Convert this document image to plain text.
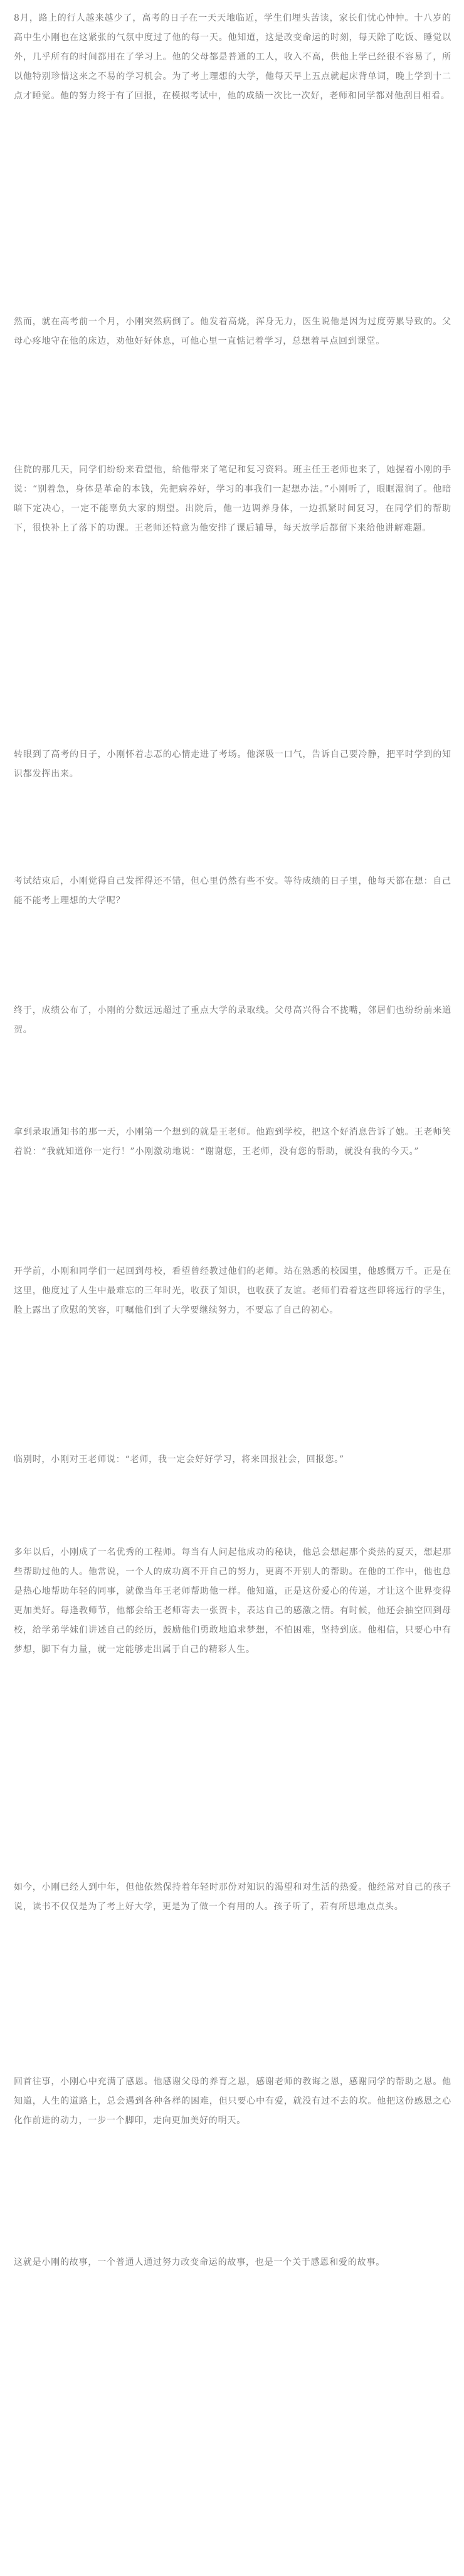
8月，路上的行人越来越少了，高考的日子在一天天地临近，学生们埋头苦读，家长们忧心忡忡。十八岁的高中生小刚也在这紧张的气氛中度过了他的每一天。他知道，这是改变命运的时刻，每天除了吃饭、睡觉以外，几乎所有的时间都用在了学习上。他的父母都是普通的工人，收入不高，供他上学已经很不容易了，所以他特别珍惜这来之不易的学习机会。为了考上理想的大学，他每天早上五点就起床背单词，晚上学到十二点才睡觉。他的努力终于有了回报，在模拟考试中，他的成绩一次比一次好，老师和同学都对他刮目相看。

然而，就在高考前一个月，小刚突然病倒了。他发着高烧，浑身无力，医生说他是因为过度劳累导致的。父母心疼地守在他的床边，劝他好好休息，可他心里一直惦记着学习，总想着早点回到课堂。

住院的那几天，同学们纷纷来看望他，给他带来了笔记和复习资料。班主任王老师也来了，她握着小刚的手说：“别着急，身体是革命的本钱，先把病养好，学习的事我们一起想办法。”小刚听了，眼眶湿润了。他暗暗下定决心，一定不能辜负大家的期望。出院后，他一边调养身体，一边抓紧时间复习，在同学们的帮助下，很快补上了落下的功课。王老师还特意为他安排了课后辅导，每天放学后都留下来给他讲解难题。

转眼到了高考的日子，小刚怀着忐忑的心情走进了考场。他深吸一口气，告诉自己要冷静，把平时学到的知识都发挥出来。

考试结束后，小刚觉得自己发挥得还不错，但心里仍然有些不安。等待成绩的日子里，他每天都在想：自己能不能考上理想的大学呢？

终于，成绩公布了，小刚的分数远远超过了重点大学的录取线。父母高兴得合不拢嘴，邻居们也纷纷前来道贺。

拿到录取通知书的那一天，小刚第一个想到的就是王老师。他跑到学校，把这个好消息告诉了她。王老师笑着说：“我就知道你一定行！”小刚激动地说：“谢谢您，王老师，没有您的帮助，就没有我的今天。”

开学前，小刚和同学们一起回到母校，看望曾经教过他们的老师。站在熟悉的校园里，他感慨万千。正是在这里，他度过了人生中最难忘的三年时光，收获了知识，也收获了友谊。老师们看着这些即将远行的学生，脸上露出了欣慰的笑容，叮嘱他们到了大学要继续努力，不要忘了自己的初心。

临别时，小刚对王老师说：“老师，我一定会好好学习，将来回报社会，回报您。”

多年以后，小刚成了一名优秀的工程师。每当有人问起他成功的秘诀，他总会想起那个炎热的夏天，想起那些帮助过他的人。他常说，一个人的成功离不开自己的努力，更离不开别人的帮助。在他的工作中，他也总是热心地帮助年轻的同事，就像当年王老师帮助他一样。他知道，正是这份爱心的传递，才让这个世界变得更加美好。每逢教师节，他都会给王老师寄去一张贺卡，表达自己的感激之情。有时候，他还会抽空回到母校，给学弟学妹们讲述自己的经历，鼓励他们勇敢地追求梦想，不怕困难，坚持到底。他相信，只要心中有梦想，脚下有力量，就一定能够走出属于自己的精彩人生。

如今，小刚已经人到中年，但他依然保持着年轻时那份对知识的渴望和对生活的热爱。他经常对自己的孩子说，读书不仅仅是为了考上好大学，更是为了做一个有用的人。孩子听了，若有所思地点点头。

回首往事，小刚心中充满了感恩。他感谢父母的养育之恩，感谢老师的教诲之恩，感谢同学的帮助之恩。他知道，人生的道路上，总会遇到各种各样的困难，但只要心中有爱，就没有过不去的坎。他把这份感恩之心化作前进的动力，一步一个脚印，走向更加美好的明天。

这就是小刚的故事，一个普通人通过努力改变命运的故事，也是一个关于感恩和爱的故事。
